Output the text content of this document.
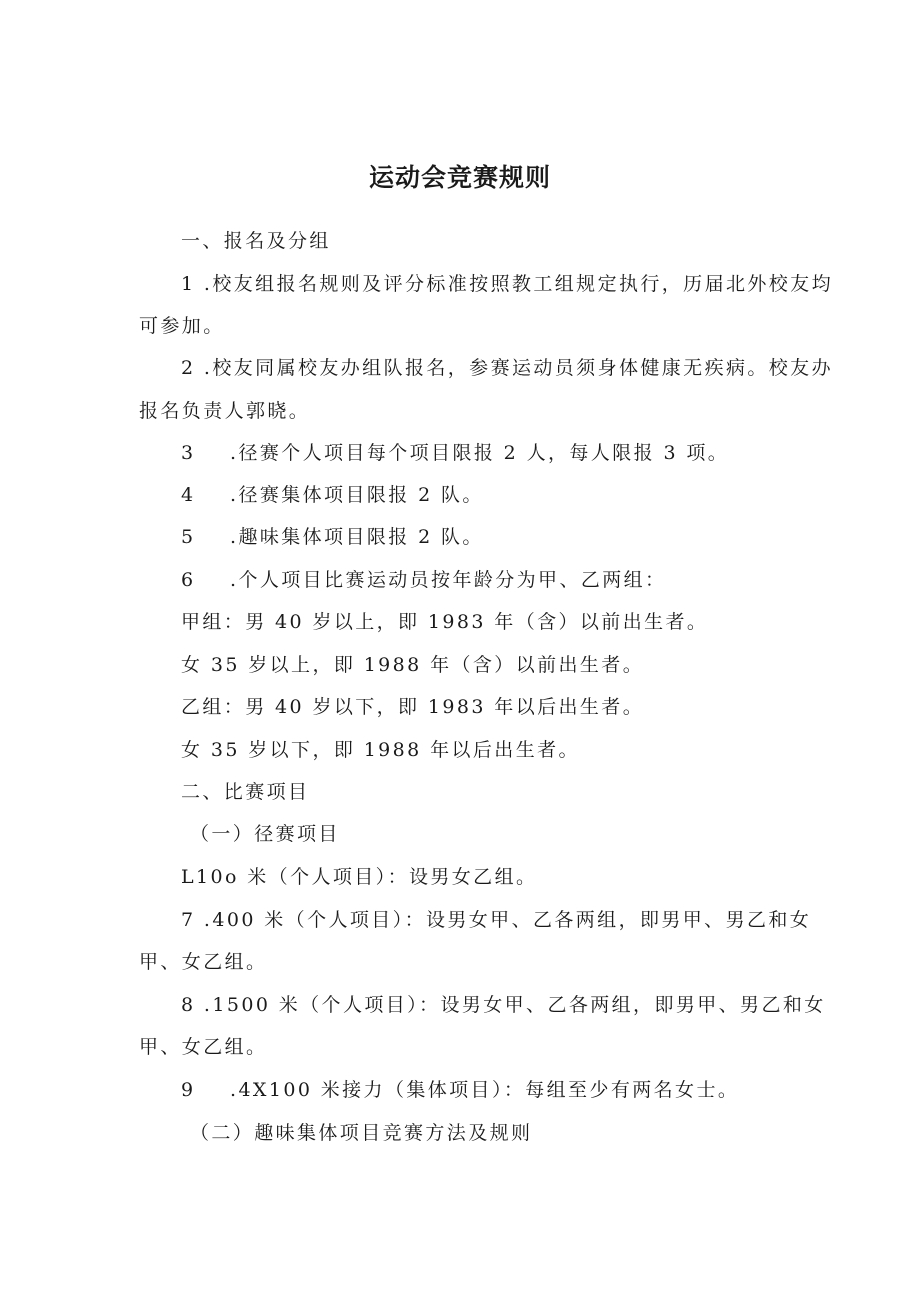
运动会竞赛规则
一、报名及分组
1 .校友组报名规则及评分标准按照教工组规定执行，历届北外校友均
可参加。
2 .校友同属校友办组队报名，参赛运动员须身体健康无疾病。校友办
报名负责人郭晓。
3 .径赛个人项目每个项目限报 2 人，每人限报 3 项。
4 .径赛集体项目限报 2 队。
5 .趣味集体项目限报 2 队。
6 .个人项目比赛运动员按年龄分为甲、乙两组：
甲组：男 40 岁以上，即 1983 年（含）以前出生者。
女 35 岁以上，即 1988 年（含）以前出生者。
乙组：男 40 岁以下，即 1983 年以后出生者。
女 35 岁以下，即 1988 年以后出生者。
二、比赛项目
（一）径赛项目
L10o 米（个人项目）：设男女乙组。
7 .400 米（个人项目）：设男女甲、乙各两组，即男甲、男乙和女
甲、女乙组。
8 .1500 米（个人项目）：设男女甲、乙各两组，即男甲、男乙和女
甲、女乙组。
9 .4X100 米接力（集体项目）：每组至少有两名女士。
（二）趣味集体项目竞赛方法及规则
